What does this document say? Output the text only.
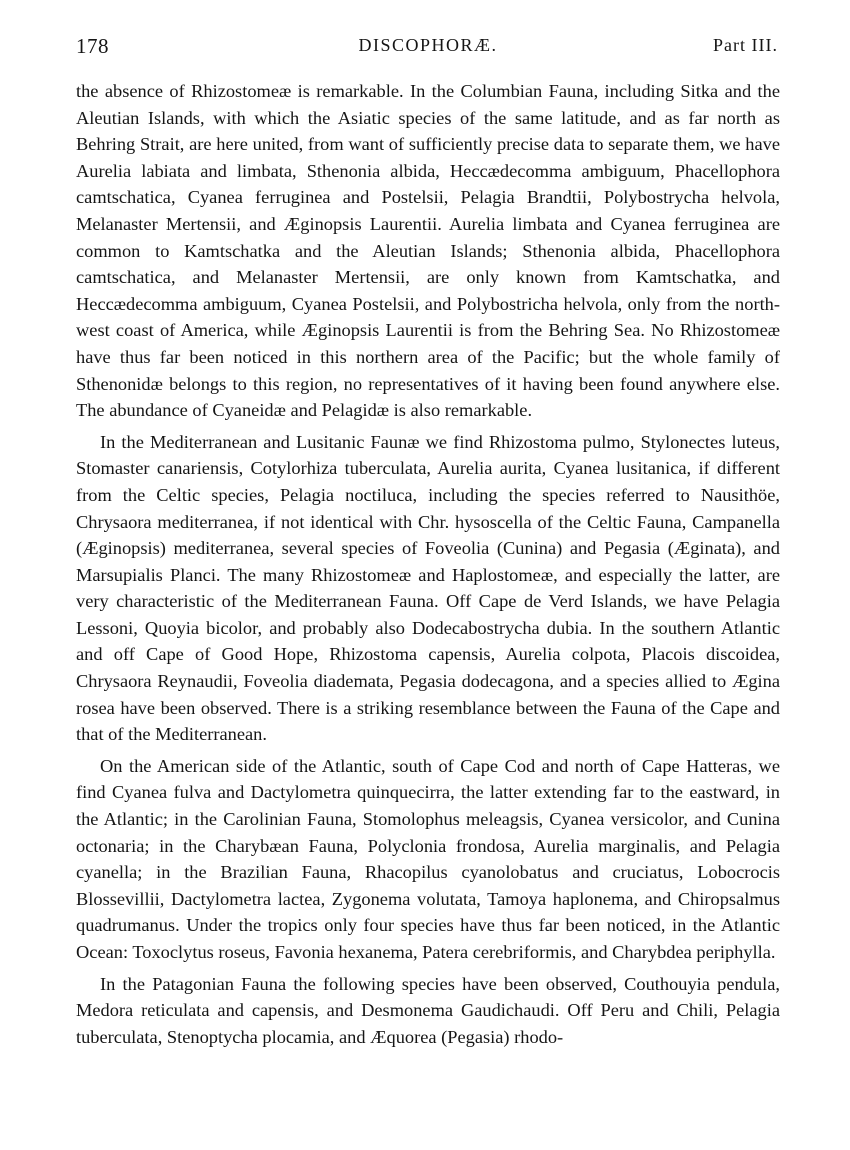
178	DISCOPHORÆ.	Part III.

the absence of Rhizostomeæ is remarkable. In the Columbian Fauna, including Sitka and the Aleutian Islands, with which the Asiatic species of the same latitude, and as far north as Behring Strait, are here united, from want of sufficiently precise data to separate them, we have Aurelia labiata and limbata, Sthenonia albida, Heccædecomma ambiguum, Phacellophora camtschatica, Cyanea ferruginea and Postelsii, Pelagia Brandtii, Polybostrycha helvola, Melanaster Mertensii, and Æginopsis Laurentii. Aurelia limbata and Cyanea ferruginea are common to Kamtschatka and the Aleutian Islands; Sthenonia albida, Phacellophora camtschatica, and Melanaster Mertensii, are only known from Kamtschatka, and Heccædecomma ambiguum, Cyanea Postelsii, and Polybostricha helvola, only from the north-west coast of America, while Æginopsis Laurentii is from the Behring Sea. No Rhizostomeæ have thus far been noticed in this northern area of the Pacific; but the whole family of Sthenonidæ belongs to this region, no representatives of it having been found anywhere else. The abundance of Cyaneidæ and Pelagidæ is also remarkable.

In the Mediterranean and Lusitanic Faunæ we find Rhizostoma pulmo, Stylonectes luteus, Stomaster canariensis, Cotylorhiza tuberculata, Aurelia aurita, Cyanea lusitanica, if different from the Celtic species, Pelagia noctiluca, including the species referred to Nausithöe, Chrysaora mediterranea, if not identical with Chr. hysoscella of the Celtic Fauna, Campanella (Æginopsis) mediterranea, several species of Foveolia (Cunina) and Pegasia (Æginata), and Marsupialis Planci. The many Rhizostomeæ and Haplostomeæ, and especially the latter, are very characteristic of the Mediterranean Fauna. Off Cape de Verd Islands, we have Pelagia Lessoni, Quoyia bicolor, and probably also Dodecabostrycha dubia. In the southern Atlantic and off Cape of Good Hope, Rhizostoma capensis, Aurelia colpota, Placois discoidea, Chrysaora Reynaudii, Foveolia diademata, Pegasia dodecagona, and a species allied to Ægina rosea have been observed. There is a striking resemblance between the Fauna of the Cape and that of the Mediterranean.

On the American side of the Atlantic, south of Cape Cod and north of Cape Hatteras, we find Cyanea fulva and Dactylometra quinquecirra, the latter extending far to the eastward, in the Atlantic; in the Carolinian Fauna, Stomolophus meleagsis, Cyanea versicolor, and Cunina octonaria; in the Charybæan Fauna, Polyclonia frondosa, Aurelia marginalis, and Pelagia cyanella; in the Brazilian Fauna, Rhacopilus cyanolobatus and cruciatus, Lobocrocis Blossevillii, Dactylometra lactea, Zygonema volutata, Tamoya haplonema, and Chiropsalmus quadrumanus. Under the tropics only four species have thus far been noticed, in the Atlantic Ocean: Toxoclytus roseus, Favonia hexanema, Patera cerebriformis, and Charybdea periphylla.

In the Patagonian Fauna the following species have been observed, Couthouyia pendula, Medora reticulata and capensis, and Desmonema Gaudichaudi. Off Peru and Chili, Pelagia tuberculata, Stenoptycha plocamia, and Æquorea (Pegasia) rhodo-
